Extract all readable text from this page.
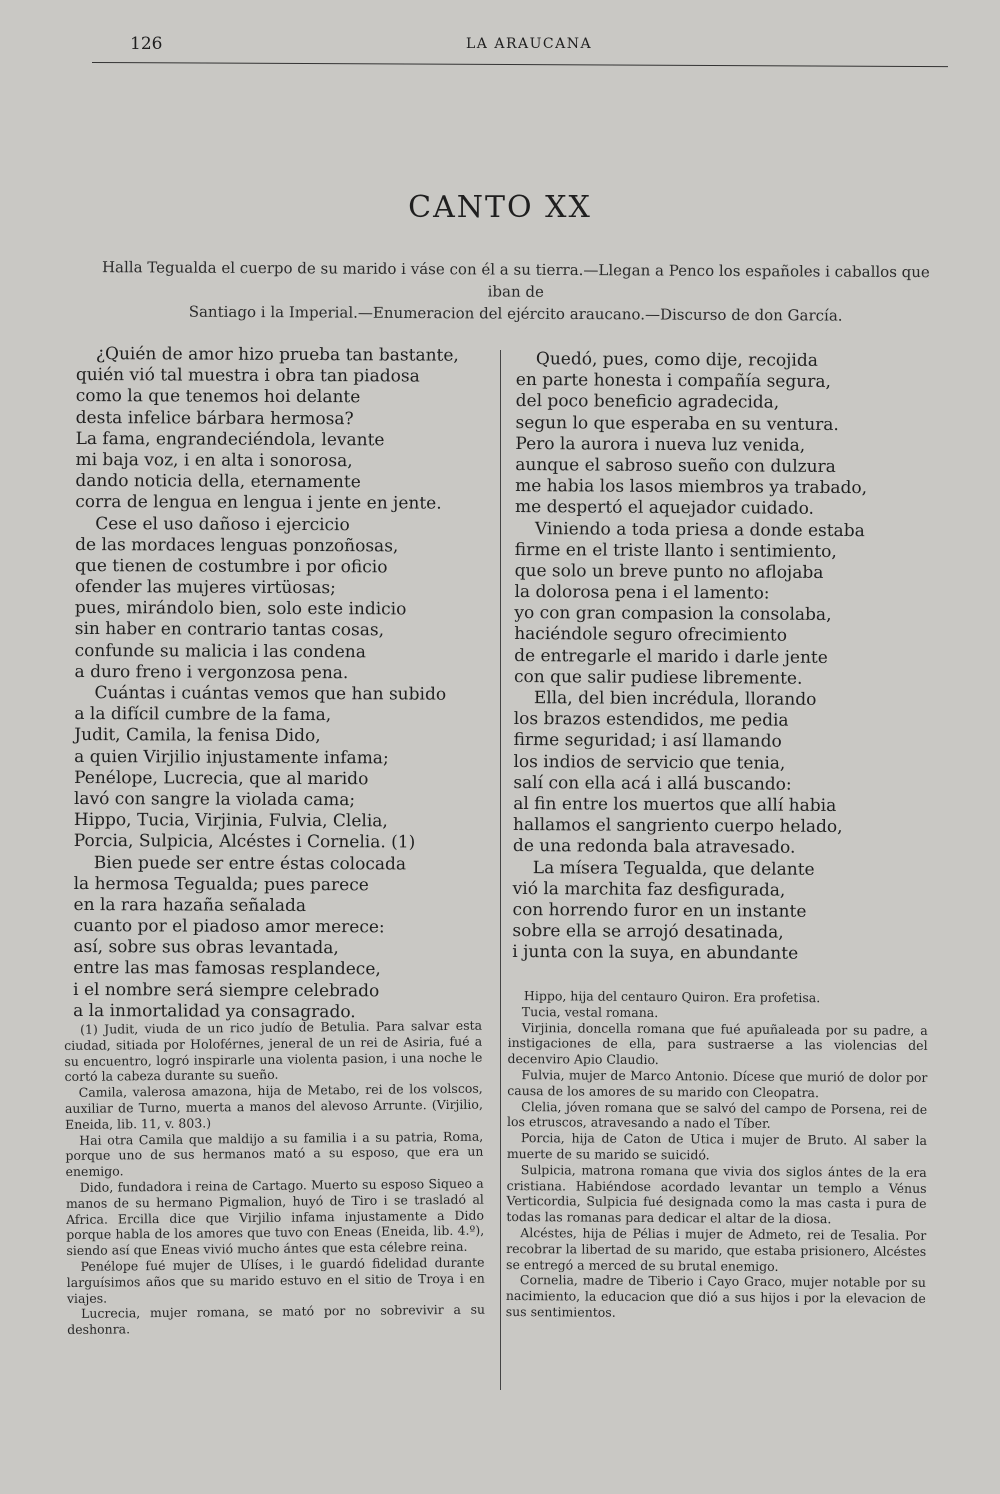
126	LA ARAUCANA
CANTO XX
Halla Tegualda el cuerpo de su marido i váse con él a su tierra.—Llegan a Penco los españoles i caballos que iban de
Santiago i la Imperial.—Enumeracion del ejército araucano.—Discurso de don García.
¿Quién de amor hizo prueba tan bastante,
quién vió tal muestra i obra tan piadosa
como la que tenemos hoi delante
desta infelice bárbara hermosa?
La fama, engrandeciéndola, levante
mi baja voz, i en alta i sonorosa,
dando noticia della, eternamente
corra de lengua en lengua i jente en jente.
Cese el uso dañoso i ejercicio
de las mordaces lenguas ponzoñosas,
que tienen de costumbre i por oficio
ofender las mujeres virtüosas;
pues, mirándolo bien, solo este indicio
sin haber en contrario tantas cosas,
confunde su malicia i las condena
a duro freno i vergonzosa pena.
Cuántas i cuántas vemos que han subido
a la difícil cumbre de la fama,
Judit, Camila, la fenisa Dido,
a quien Virjilio injustamente infama;
Penélope, Lucrecia, que al marido
lavó con sangre la violada cama;
Hippo, Tucia, Virjinia, Fulvia, Clelia,
Porcia, Sulpicia, Alcéstes i Cornelia. (1)
Bien puede ser entre éstas colocada
la hermosa Tegualda; pues parece
en la rara hazaña señalada
cuanto por el piadoso amor merece:
así, sobre sus obras levantada,
entre las mas famosas resplandece,
i el nombre será siempre celebrado
a la inmortalidad ya consagrado.
Quedó, pues, como dije, recojida
en parte honesta i compañía segura,
del poco beneficio agradecida,
segun lo que esperaba en su ventura.
Pero la aurora i nueva luz venida,
aunque el sabroso sueño con dulzura
me habia los lasos miembros ya trabado,
me despertó el aquejador cuidado.
Viniendo a toda priesa a donde estaba
firme en el triste llanto i sentimiento,
que solo un breve punto no aflojaba
la dolorosa pena i el lamento:
yo con gran compasion la consolaba,
haciéndole seguro ofrecimiento
de entregarle el marido i darle jente
con que salir pudiese libremente.
Ella, del bien incrédula, llorando
los brazos estendidos, me pedia
firme seguridad; i así llamando
los indios de servicio que tenia,
salí con ella acá i allá buscando:
al fin entre los muertos que allí habia
hallamos el sangriento cuerpo helado,
de una redonda bala atravesado.
La mísera Tegualda, que delante
vió la marchita faz desfigurada,
con horrendo furor en un instante
sobre ella se arrojó desatinada,
i junta con la suya, en abundante

(1) Judit, viuda de un rico judío de Betulia. Para salvar esta ciudad, sitiada por Holoférnes, jeneral de un rei de Asiria, fué a su encuentro, logró inspirarle una violenta pasion, i una noche le cortó la cabeza durante su sueño.

Camila, valerosa amazona, hija de Metabo, rei de los volscos, auxiliar de Turno, muerta a manos del alevoso Arrunte. (Virjilio, Eneida, lib. 11, v. 803.)

Hai otra Camila que maldijo a su familia i a su patria, Roma, porque uno de sus hermanos mató a su esposo, que era un enemigo.

Dido, fundadora i reina de Cartago. Muerto su esposo Siqueo a manos de su hermano Pigmalion, huyó de Tiro i se trasladó al Africa. Ercilla dice que Virjilio infama injustamente a Dido porque habla de los amores que tuvo con Eneas (Eneida, lib. 4.º), siendo así que Eneas vivió mucho ántes que esta célebre reina.

Penélope fué mujer de Ulíses, i le guardó fidelidad durante larguísimos años que su marido estuvo en el sitio de Troya i en viajes.

Lucrecia, mujer romana, se mató por no sobrevivir a su deshonra.

Hippo, hija del centauro Quiron. Era profetisa.

Tucia, vestal romana.

Virjinia, doncella romana que fué apuñaleada por su padre, a instigaciones de ella, para sustraerse a las violencias del decenviro Apio Claudio.

Fulvia, mujer de Marco Antonio. Dícese que murió de dolor por causa de los amores de su marido con Cleopatra.

Clelia, jóven romana que se salvó del campo de Porsena, rei de los etruscos, atravesando a nado el Tíber.

Porcia, hija de Caton de Utica i mujer de Bruto. Al saber la muerte de su marido se suicidó.

Sulpicia, matrona romana que vivia dos siglos ántes de la era cristiana. Habiéndose acordado levantar un templo a Vénus Verticordia, Sulpicia fué designada como la mas casta i pura de todas las romanas para dedicar el altar de la diosa.

Alcéstes, hija de Pélias i mujer de Admeto, rei de Tesalia. Por recobrar la libertad de su marido, que estaba prisionero, Alcéstes se entregó a merced de su brutal enemigo.

Cornelia, madre de Tiberio i Cayo Graco, mujer notable por su nacimiento, la educacion que dió a sus hijos i por la elevacion de sus sentimientos.
